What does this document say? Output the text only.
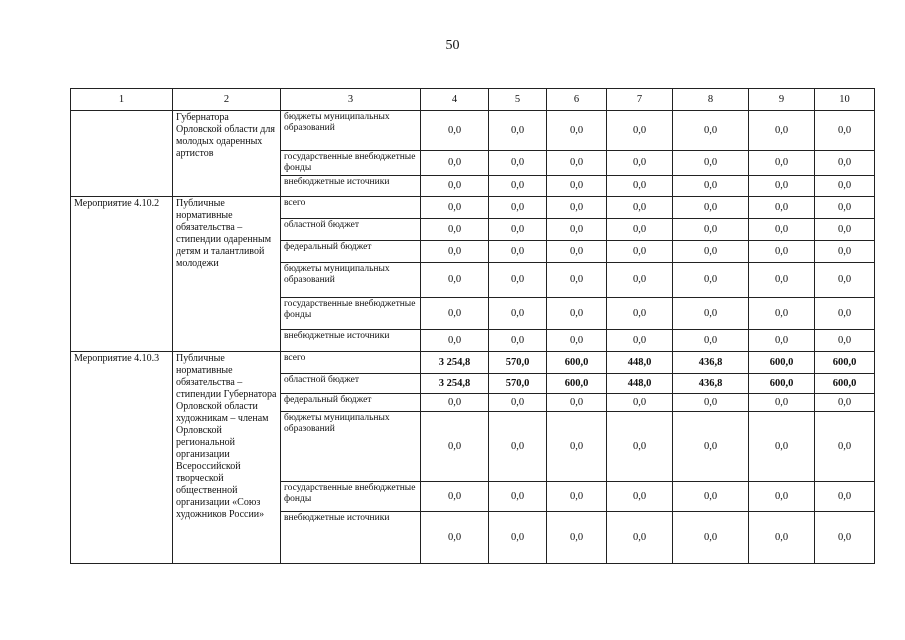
50
1	2	3	4	5	6	7	8	9	10
	Губернатора Орловской области для молодых одаренных артистов	бюджеты муниципальных образований	0,0	0,0	0,0	0,0	0,0	0,0	0,0
		государственные внебюджетные фонды	0,0	0,0	0,0	0,0	0,0	0,0	0,0
		внебюджетные источники	0,0	0,0	0,0	0,0	0,0	0,0	0,0
Мероприятие 4.10.2	Публичные нормативные обязательства – стипендии одаренным детям и талантливой молодежи	всего	0,0	0,0	0,0	0,0	0,0	0,0	0,0
		областной бюджет	0,0	0,0	0,0	0,0	0,0	0,0	0,0
		федеральный бюджет	0,0	0,0	0,0	0,0	0,0	0,0	0,0
		бюджеты муниципальных образований	0,0	0,0	0,0	0,0	0,0	0,0	0,0
		государственные внебюджетные фонды	0,0	0,0	0,0	0,0	0,0	0,0	0,0
		внебюджетные источники	0,0	0,0	0,0	0,0	0,0	0,0	0,0
Мероприятие 4.10.3	Публичные нормативные обязательства – стипендии Губернатора Орловской области художникам – членам Орловской региональной организации Всероссийской творческой общественной организации «Союз художников России»	всего	3 254,8	570,0	600,0	448,0	436,8	600,0	600,0
		областной бюджет	3 254,8	570,0	600,0	448,0	436,8	600,0	600,0
		федеральный бюджет	0,0	0,0	0,0	0,0	0,0	0,0	0,0
		бюджеты муниципальных образований	0,0	0,0	0,0	0,0	0,0	0,0	0,0
		государственные внебюджетные фонды	0,0	0,0	0,0	0,0	0,0	0,0	0,0
		внебюджетные источники	0,0	0,0	0,0	0,0	0,0	0,0	0,0
